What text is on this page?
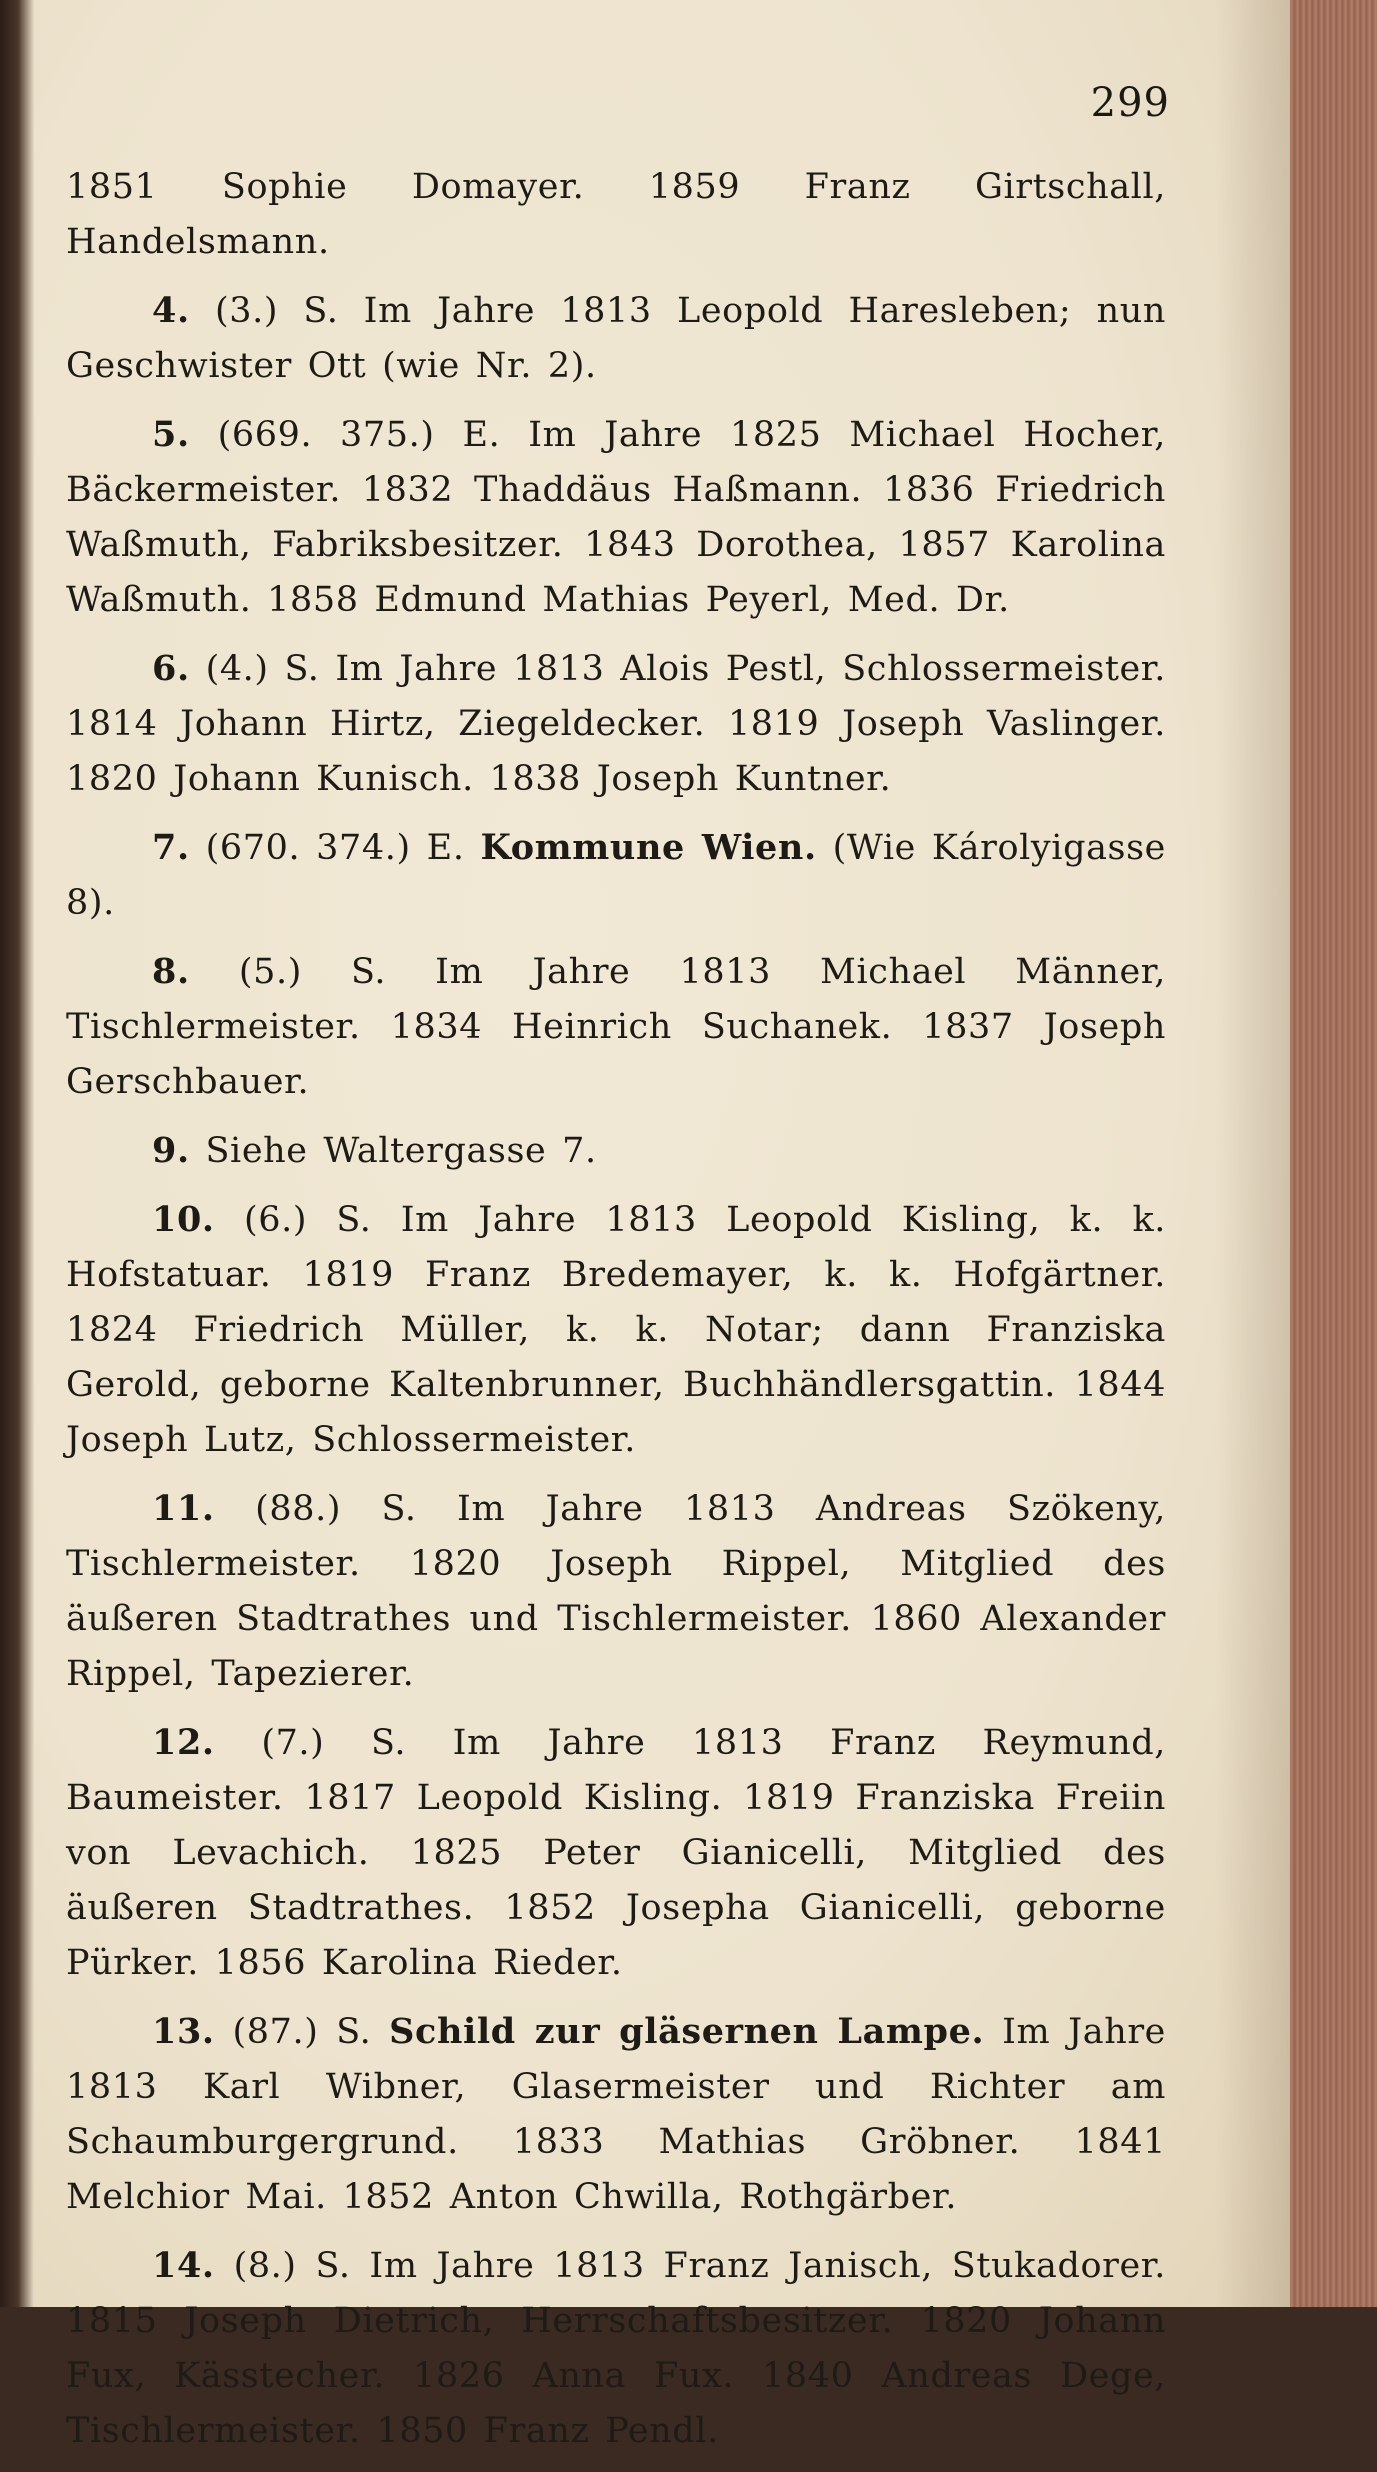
299

1851 Sophie Domayer. 1859 Franz Girtschall, Handelsmann.

4. (3.) S. Im Jahre 1813 Leopold Haresleben; nun Geschwister Ott (wie Nr. 2).

5. (669. 375.) E. Im Jahre 1825 Michael Hocher, Bäckermeister. 1832 Thaddäus Haßmann. 1836 Friedrich Waßmuth, Fabriksbesitzer. 1843 Dorothea, 1857 Karolina Waßmuth. 1858 Edmund Mathias Peyerl, Med. Dr.

6. (4.) S. Im Jahre 1813 Alois Pestl, Schlossermeister. 1814 Johann Hirtz, Ziegeldecker. 1819 Joseph Vaslinger. 1820 Johann Kunisch. 1838 Joseph Kuntner.

7. (670. 374.) E. Kommune Wien. (Wie Károlyigasse 8).

8. (5.) S. Im Jahre 1813 Michael Männer, Tischlermeister. 1834 Heinrich Suchanek. 1837 Joseph Gerschbauer.

9. Siehe Waltergasse 7.

10. (6.) S. Im Jahre 1813 Leopold Kisling, k. k. Hofstatuar. 1819 Franz Bredemayer, k. k. Hofgärtner. 1824 Friedrich Müller, k. k. Notar; dann Franziska Gerold, geborne Kaltenbrunner, Buchhändlersgattin. 1844 Joseph Lutz, Schlossermeister.

11. (88.) S. Im Jahre 1813 Andreas Szökeny, Tischlermeister. 1820 Joseph Rippel, Mitglied des äußeren Stadtrathes und Tischlermeister. 1860 Alexander Rippel, Tapezierer.

12. (7.) S. Im Jahre 1813 Franz Reymund, Baumeister. 1817 Leopold Kisling. 1819 Franziska Freiin von Levachich. 1825 Peter Gianicelli, Mitglied des äußeren Stadtrathes. 1852 Josepha Gianicelli, geborne Pürker. 1856 Karolina Rieder.

13. (87.) S. Schild zur gläsernen Lampe. Im Jahre 1813 Karl Wibner, Glasermeister und Richter am Schaumburgergrund. 1833 Mathias Gröbner. 1841 Melchior Mai. 1852 Anton Chwilla, Rothgärber.

14. (8.) S. Im Jahre 1813 Franz Janisch, Stukadorer. 1815 Joseph Dietrich, Herrschaftsbesitzer. 1820 Johann Fux, Kässtecher. 1826 Anna Fux. 1840 Andreas Dege, Tischlermeister. 1850 Franz Pendl.
